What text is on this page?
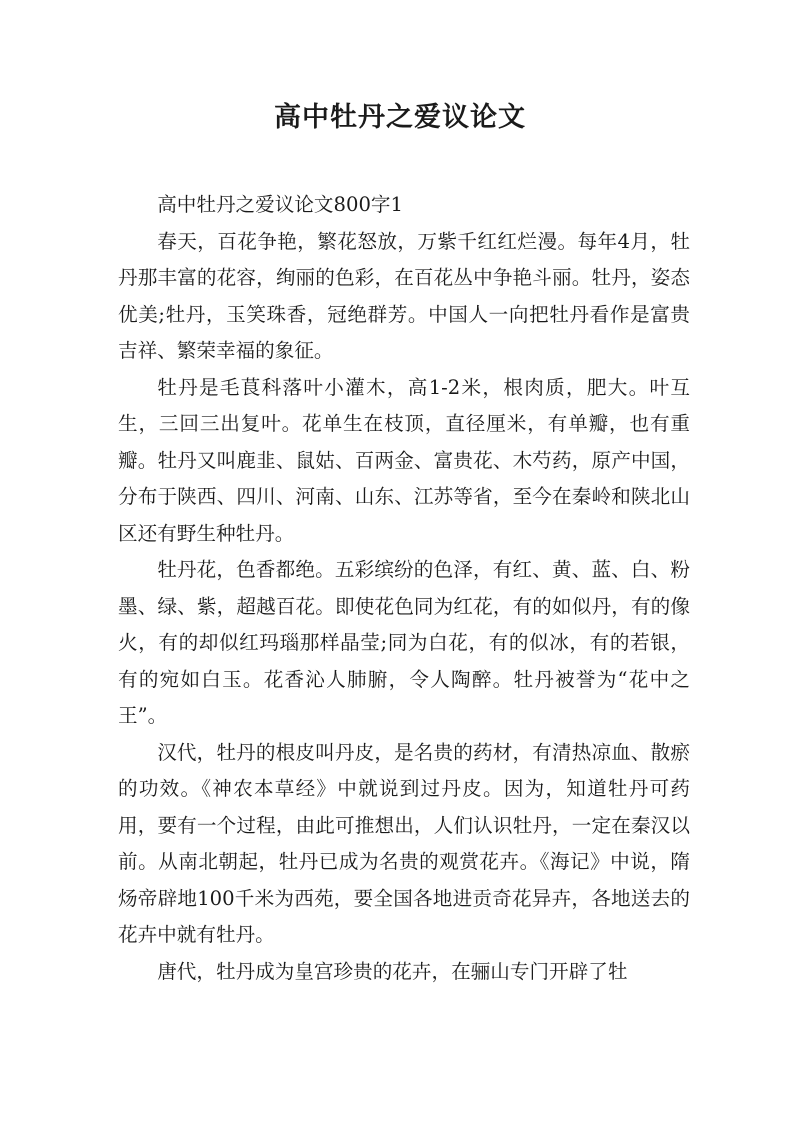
高中牡丹之爱议论文

高中牡丹之爱议论文800字1

春天，百花争艳，繁花怒放，万紫千红红烂漫。每年4月，牡丹那丰富的花容，绚丽的色彩，在百花丛中争艳斗丽。牡丹，姿态优美;牡丹，玉笑珠香，冠绝群芳。中国人一向把牡丹看作是富贵吉祥、繁荣幸福的象征。

牡丹是毛茛科落叶小灌木，高1-2米，根肉质，肥大。叶互生，三回三出复叶。花单生在枝顶，直径厘米，有单瓣，也有重瓣。牡丹又叫鹿韭、鼠姑、百两金、富贵花、木芍药，原产中国，分布于陕西、四川、河南、山东、江苏等省，至今在秦岭和陕北山区还有野生种牡丹。

牡丹花，色香都绝。五彩缤纷的色泽，有红、黄、蓝、白、粉墨、绿、紫，超越百花。即使花色同为红花，有的如似丹，有的像火，有的却似红玛瑙那样晶莹;同为白花，有的似冰，有的若银，有的宛如白玉。花香沁人肺腑，令人陶醉。牡丹被誉为“花中之王”。

汉代，牡丹的根皮叫丹皮，是名贵的药材，有清热凉血、散瘀的功效。《神农本草经》中就说到过丹皮。因为，知道牡丹可药用，要有一个过程，由此可推想出，人们认识牡丹，一定在秦汉以前。从南北朝起，牡丹已成为名贵的观赏花卉。《海记》中说，隋炀帝辟地100千米为西苑，要全国各地进贡奇花异卉，各地送去的花卉中就有牡丹。

唐代，牡丹成为皇宫珍贵的花卉，在骊山专门开辟了牡
